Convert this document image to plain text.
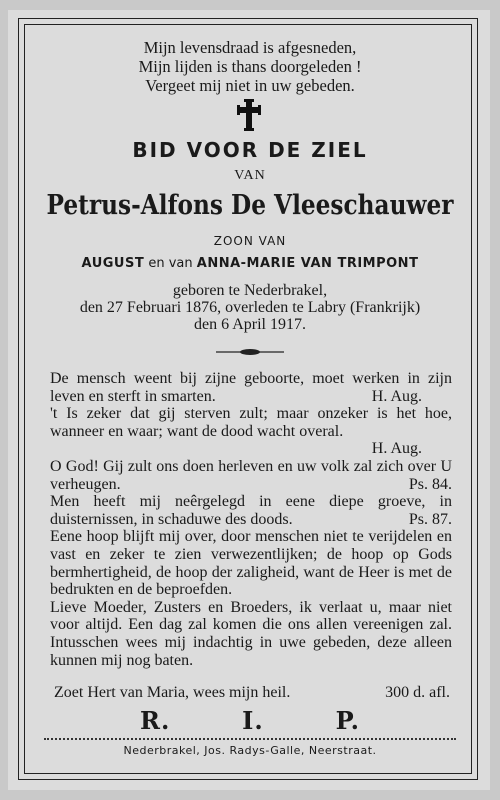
Mijn levensdraad is afgesneden,
Mijn lijden is thans doorgeleden !
Vergeet mij niet in uw gebeden.
BID VOOR DE ZIEL
VAN
Petrus-Alfons De Vleeschauwer
ZOON VAN
AUGUST en van ANNA-MARIE VAN TRIMPONT
geboren te Nederbrakel,
den 27 Februari 1876, overleden te Labry (Frankrijk)
den 6 April 1917.

De mensch weent bij zijne geboorte, moet werken in zijn leven en sterft in smarten.	H. Aug.

't Is zeker dat gij sterven zult; maar onzeker is het hoe, wanneer en waar; want de dood wacht overal.
H. Aug.

O God! Gij zult ons doen herleven en uw volk zal zich over U verheugen.	Ps. 84.

Men heeft mij neêrgelegd in eene diepe groeve, in duisternissen, in schaduwe des doods.	Ps. 87.

Eene hoop blijft mij over, door menschen niet te verijdelen en vast en zeker te zien verwezentlijken; de hoop op Gods bermhertigheid, de hoop der zaligheid, want de Heer is met de bedrukten en de beproefden.

Lieve Moeder, Zusters en Broeders, ik verlaat u, maar niet voor altijd. Een dag zal komen die ons allen vereenigen zal. Intusschen wees mij indachtig in uwe gebeden, deze alleen kunnen mij nog baten.

Zoet Hert van Maria, wees mijn heil.	300 d. afl.
R.	I.	P.
Nederbrakel, Jos. Radys-Galle, Neerstraat.
